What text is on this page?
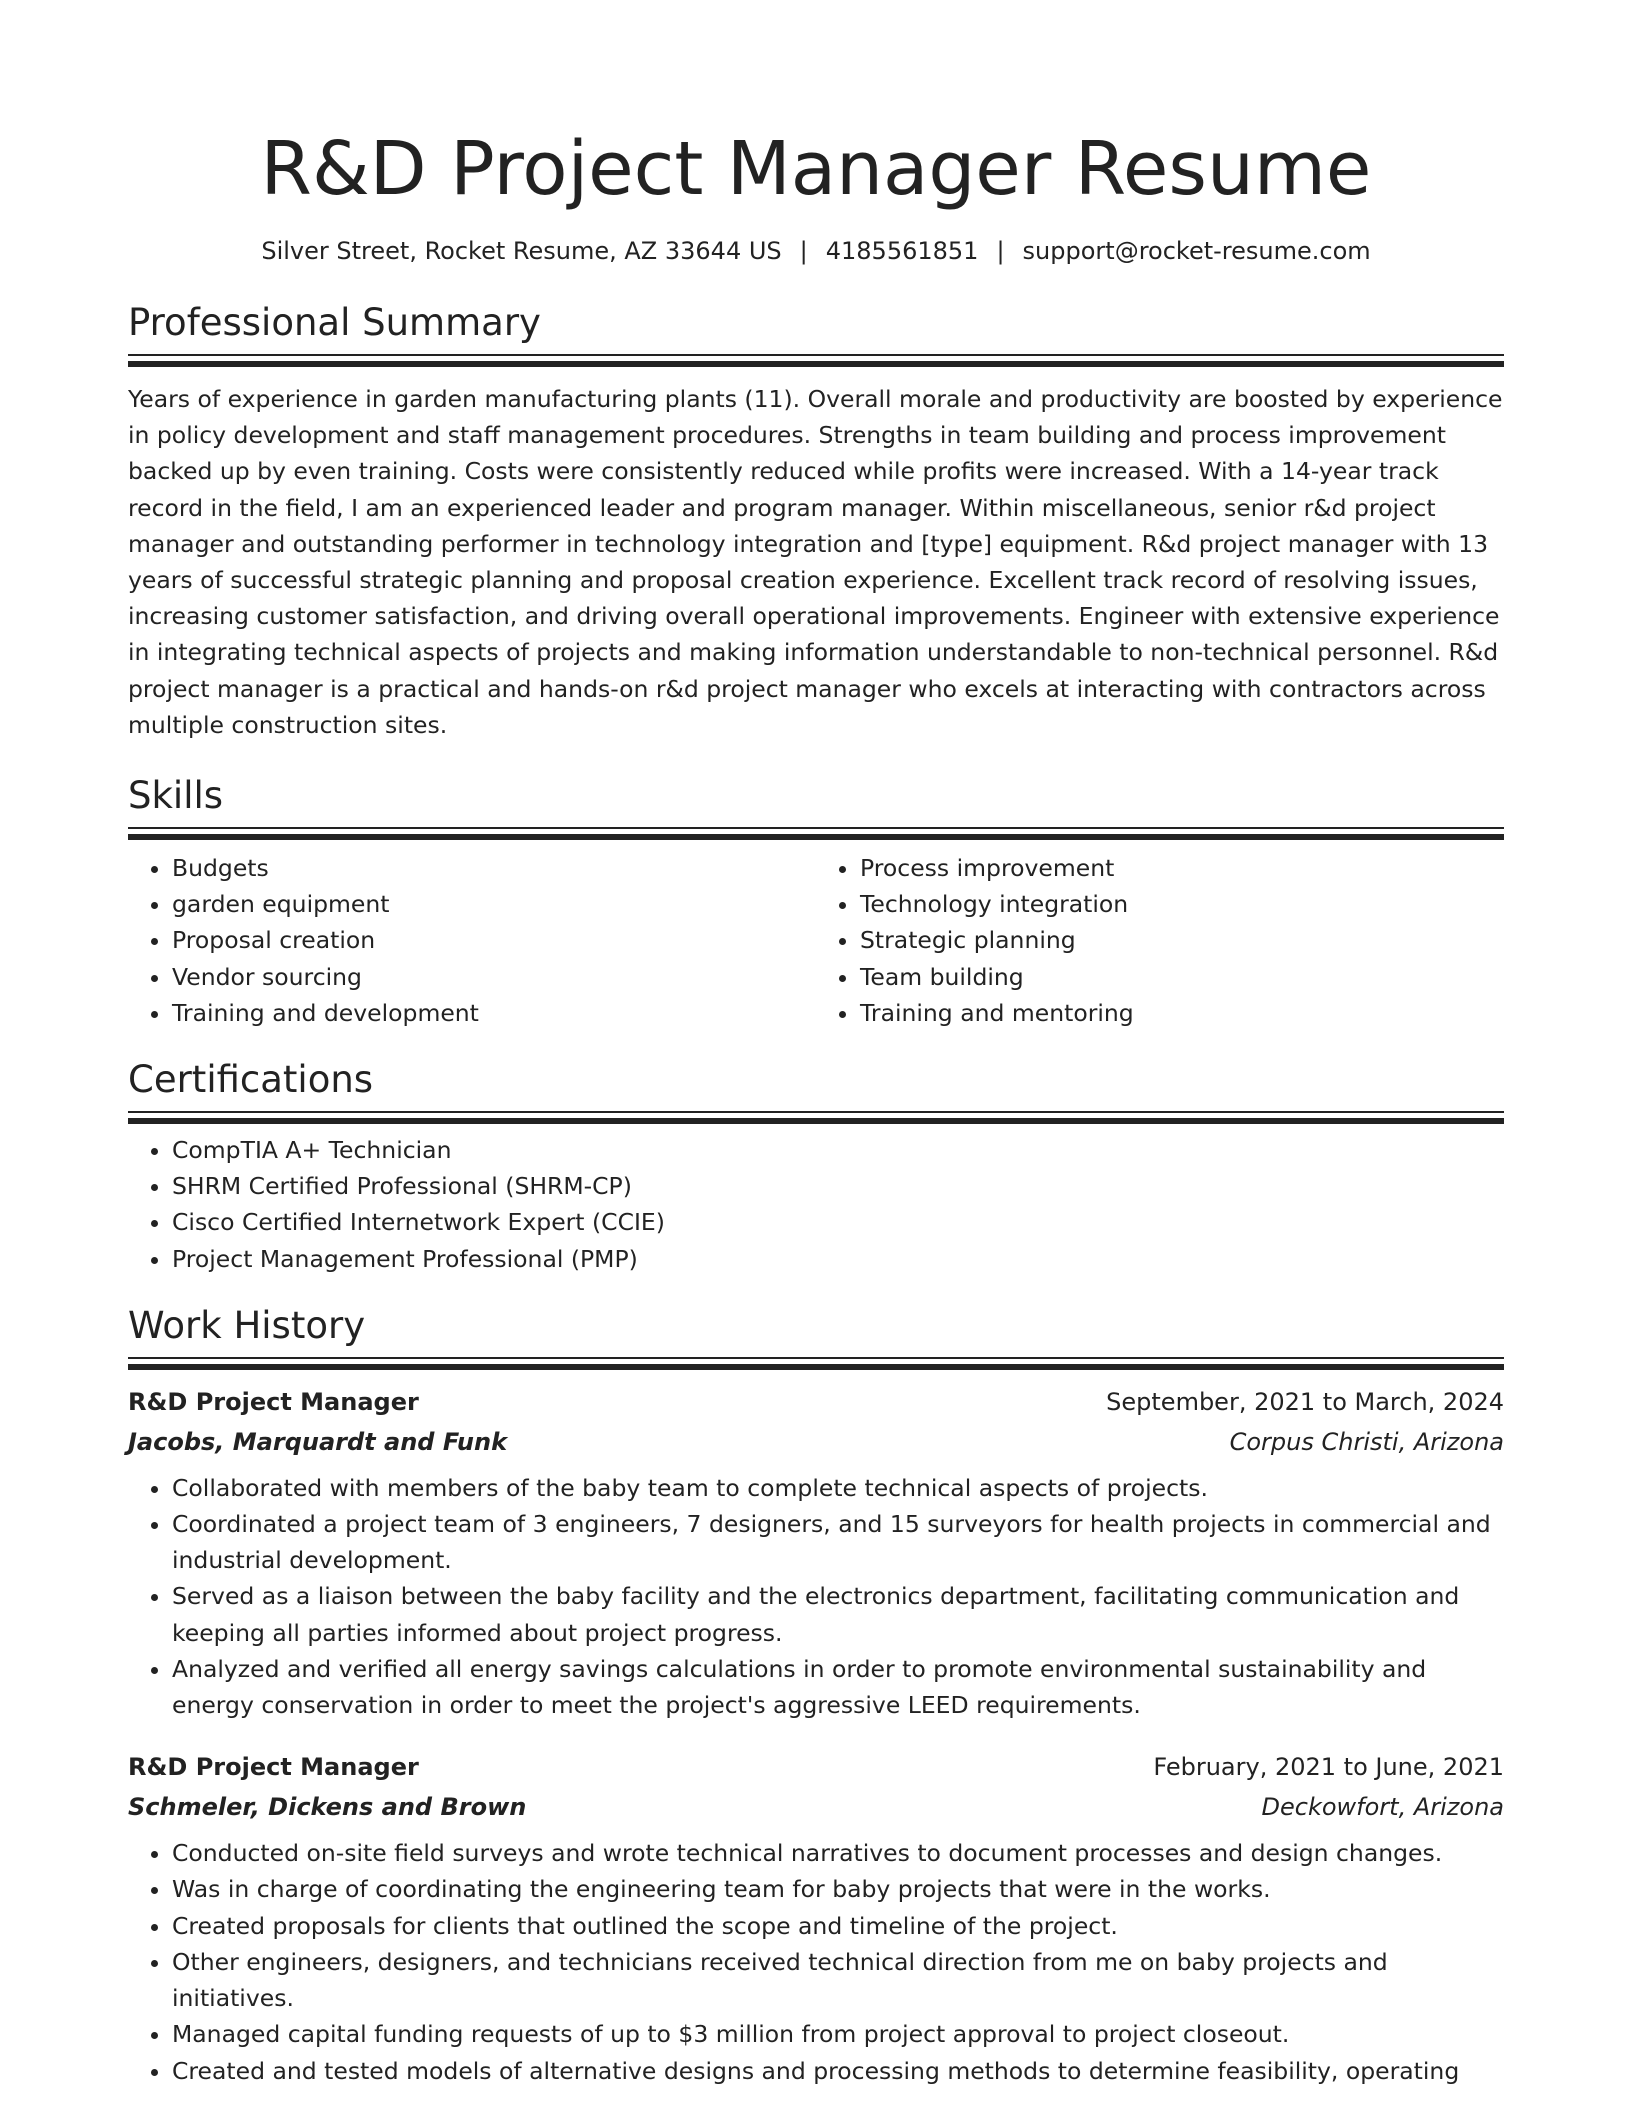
R&D Project Manager Resume
Silver Street, Rocket Resume, AZ 33644 US | 4185561851 | support@rocket-resume.com
Professional Summary

Years of experience in garden manufacturing plants (11). Overall morale and productivity are boosted by experience in policy development and staff management procedures. Strengths in team building and process improvement backed up by even training. Costs were consistently reduced while profits were increased. With a 14-year track record in the field, I am an experienced leader and program manager. Within miscellaneous, senior r&d project manager and outstanding performer in technology integration and [type] equipment. R&d project manager with 13 years of successful strategic planning and proposal creation experience. Excellent track record of resolving issues, increasing customer satisfaction, and driving overall operational improvements. Engineer with extensive experience in integrating technical aspects of projects and making information understandable to non-technical personnel. R&d project manager is a practical and hands-on r&d project manager who excels at interacting with contractors across multiple construction sites.

Skills
• Budgets
• garden equipment
• Proposal creation
• Vendor sourcing
• Training and development
• Process improvement
• Technology integration
• Strategic planning
• Team building
• Training and mentoring
Certifications
• CompTIA A+ Technician
• SHRM Certified Professional (SHRM-CP)
• Cisco Certified Internetwork Expert (CCIE)
• Project Management Professional (PMP)
Work History
R&D Project Manager	September, 2021 to March, 2024
Jacobs, Marquardt and Funk	Corpus Christi, Arizona
• Collaborated with members of the baby team to complete technical aspects of projects.
• Coordinated a project team of 3 engineers, 7 designers, and 15 surveyors for health projects in commercial and industrial development.
• Served as a liaison between the baby facility and the electronics department, facilitating communication and keeping all parties informed about project progress.
• Analyzed and verified all energy savings calculations in order to promote environmental sustainability and energy conservation in order to meet the project's aggressive LEED requirements.
R&D Project Manager	February, 2021 to June, 2021
Schmeler, Dickens and Brown	Deckowfort, Arizona
• Conducted on-site field surveys and wrote technical narratives to document processes and design changes.
• Was in charge of coordinating the engineering team for baby projects that were in the works.
• Created proposals for clients that outlined the scope and timeline of the project.
• Other engineers, designers, and technicians received technical direction from me on baby projects and initiatives.
• Managed capital funding requests of up to $3 million from project approval to project closeout.
• Created and tested models of alternative designs and processing methods to determine feasibility, operating
